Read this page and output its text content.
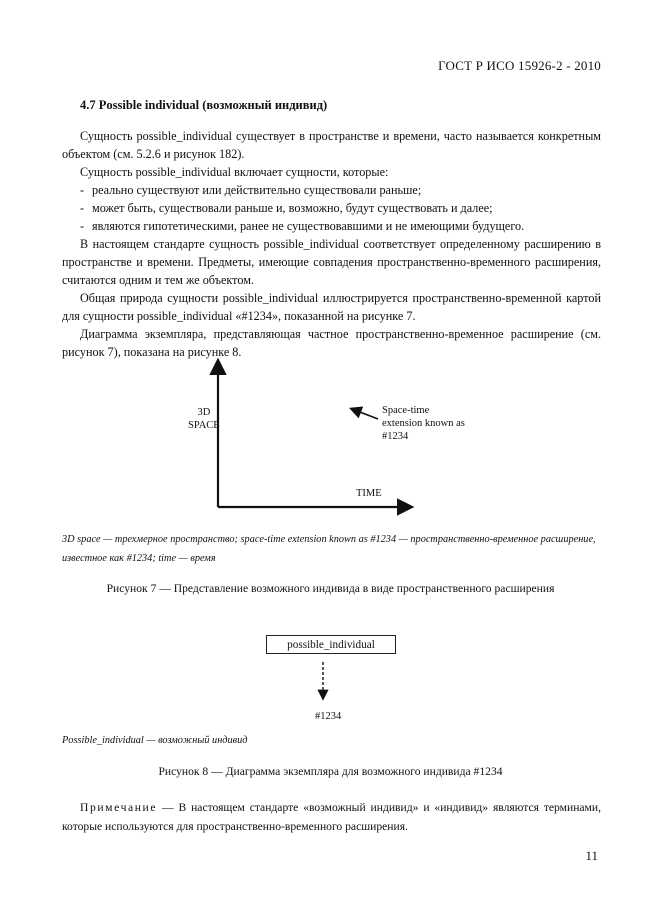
ГОСТ Р ИСО 15926-2 - 2010
4.7 Possible individual (возможный индивид)

Сущность possible_individual существует в пространстве и времени, часто называется конкретным объектом (см. 5.2.6 и рисунок 182).

Сущность possible_individual включает сущности, которые:

- реально существуют или действительно существовали раньше;

- может быть, существовали раньше и, возможно, будут существовать и далее;

- являются гипотетическими, ранее не существовавшими и не имеющими будущего.

В настоящем стандарте сущность possible_individual соответствует определенному расширению в пространстве и времени. Предметы, имеющие совпадения пространственно-временного расширения, считаются одним и тем же объектом.

Общая природа сущности possible_individual иллюстрируется пространственно-временной картой для сущности possible_individual «#1234», показанной на рисунке 7.

Диаграмма экземпляра, представляющая частное пространственно-временное расширение (см. рисунок 7), показана на рисунке 8.

3D
SPACE
TIME
Space-time
extension known as
#1234
3D space — трехмерное пространство; space-time extension known as #1234 — пространственно-временное расширение, известное как #1234; time — время
Рисунок 7 — Представление возможного индивида в виде пространственного расширения
possible_individual
#1234
Possible_individual — возможный индивид
Рисунок 8 — Диаграмма экземпляра для возможного индивида #1234
Примечание — В настоящем стандарте «возможный индивид» и «индивид» являются терминами, которые используются для пространственно-временного расширения.
11
